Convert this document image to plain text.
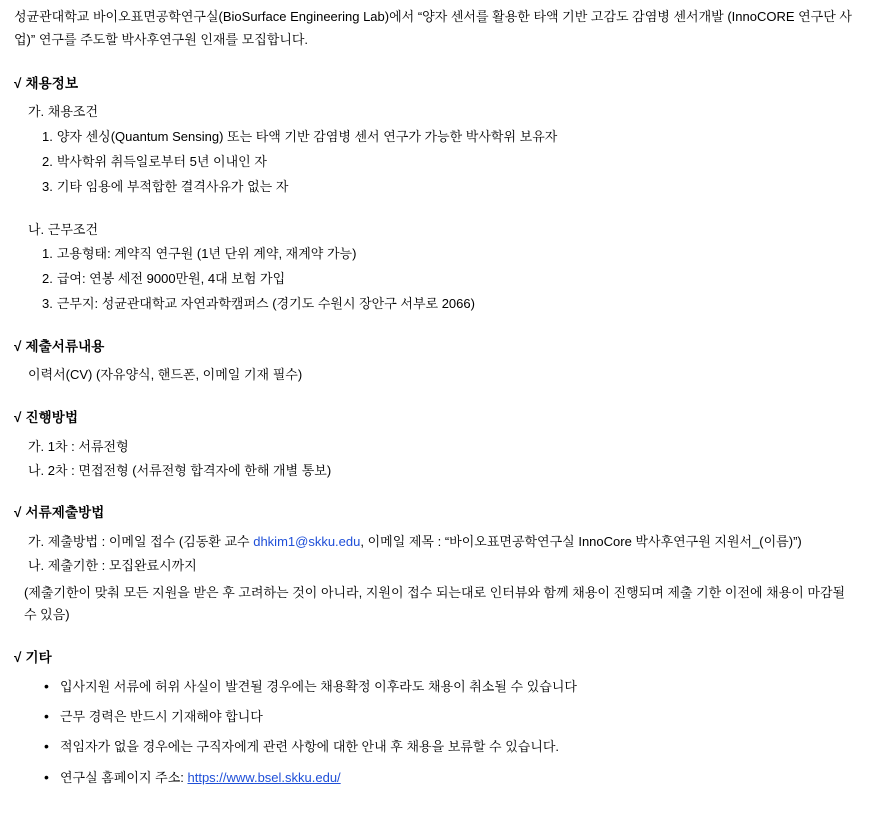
성균관대학교 바이오표면공학연구실(BioSurface Engineering Lab)에서 “양자 센서를 활용한 타액 기반 고감도 감염병 센서개발 (InnoCORE 연구단 사업)” 연구를 주도할 박사후연구원 인재를 모집합니다.

√ 채용정보
가. 채용조건
1. 양자 센싱(Quantum Sensing) 또는 타액 기반 감염병 센서 연구가 가능한 박사학위 보유자
2. 박사학위 취득일로부터 5년 이내인 자
3. 기타 임용에 부적합한 결격사유가 없는 자
나. 근무조건
1. 고용형태: 계약직 연구원 (1년 단위 계약, 재계약 가능)
2. 급여: 연봉 세전 9000만원, 4대 보험 가입
3. 근무지: 성균관대학교 자연과학캠퍼스 (경기도 수원시 장안구 서부로 2066)
√ 제출서류내용
이력서(CV) (자유양식, 핸드폰, 이메일 기재 필수)
√ 진행방법
가. 1차 : 서류전형
나. 2차 : 면접전형 (서류전형 합격자에 한해 개별 통보)
√ 서류제출방법
가. 제출방법 : 이메일 접수 (김동환 교수 dhkim1@skku.edu, 이메일 제목 : “바이오표면공학연구실 InnoCore 박사후연구원 지원서_(이름)”)
나. 제출기한 : 모집완료시까지
(제출기한이 맞춰 모든 지원을 받은 후 고려하는 것이 아니라, 지원이 접수 되는대로 인터뷰와 함께 채용이 진행되며 제출 기한 이전에 채용이 마감될 수 있음)
√ 기타
• 입사지원 서류에 허위 사실이 발견될 경우에는 채용확정 이후라도 채용이 취소될 수 있습니다
• 근무 경력은 반드시 기재해야 합니다
• 적임자가 없을 경우에는 구직자에게 관련 사항에 대한 안내 후 채용을 보류할 수 있습니다.
• 연구실 홈페이지 주소: https://www.bsel.skku.edu/
